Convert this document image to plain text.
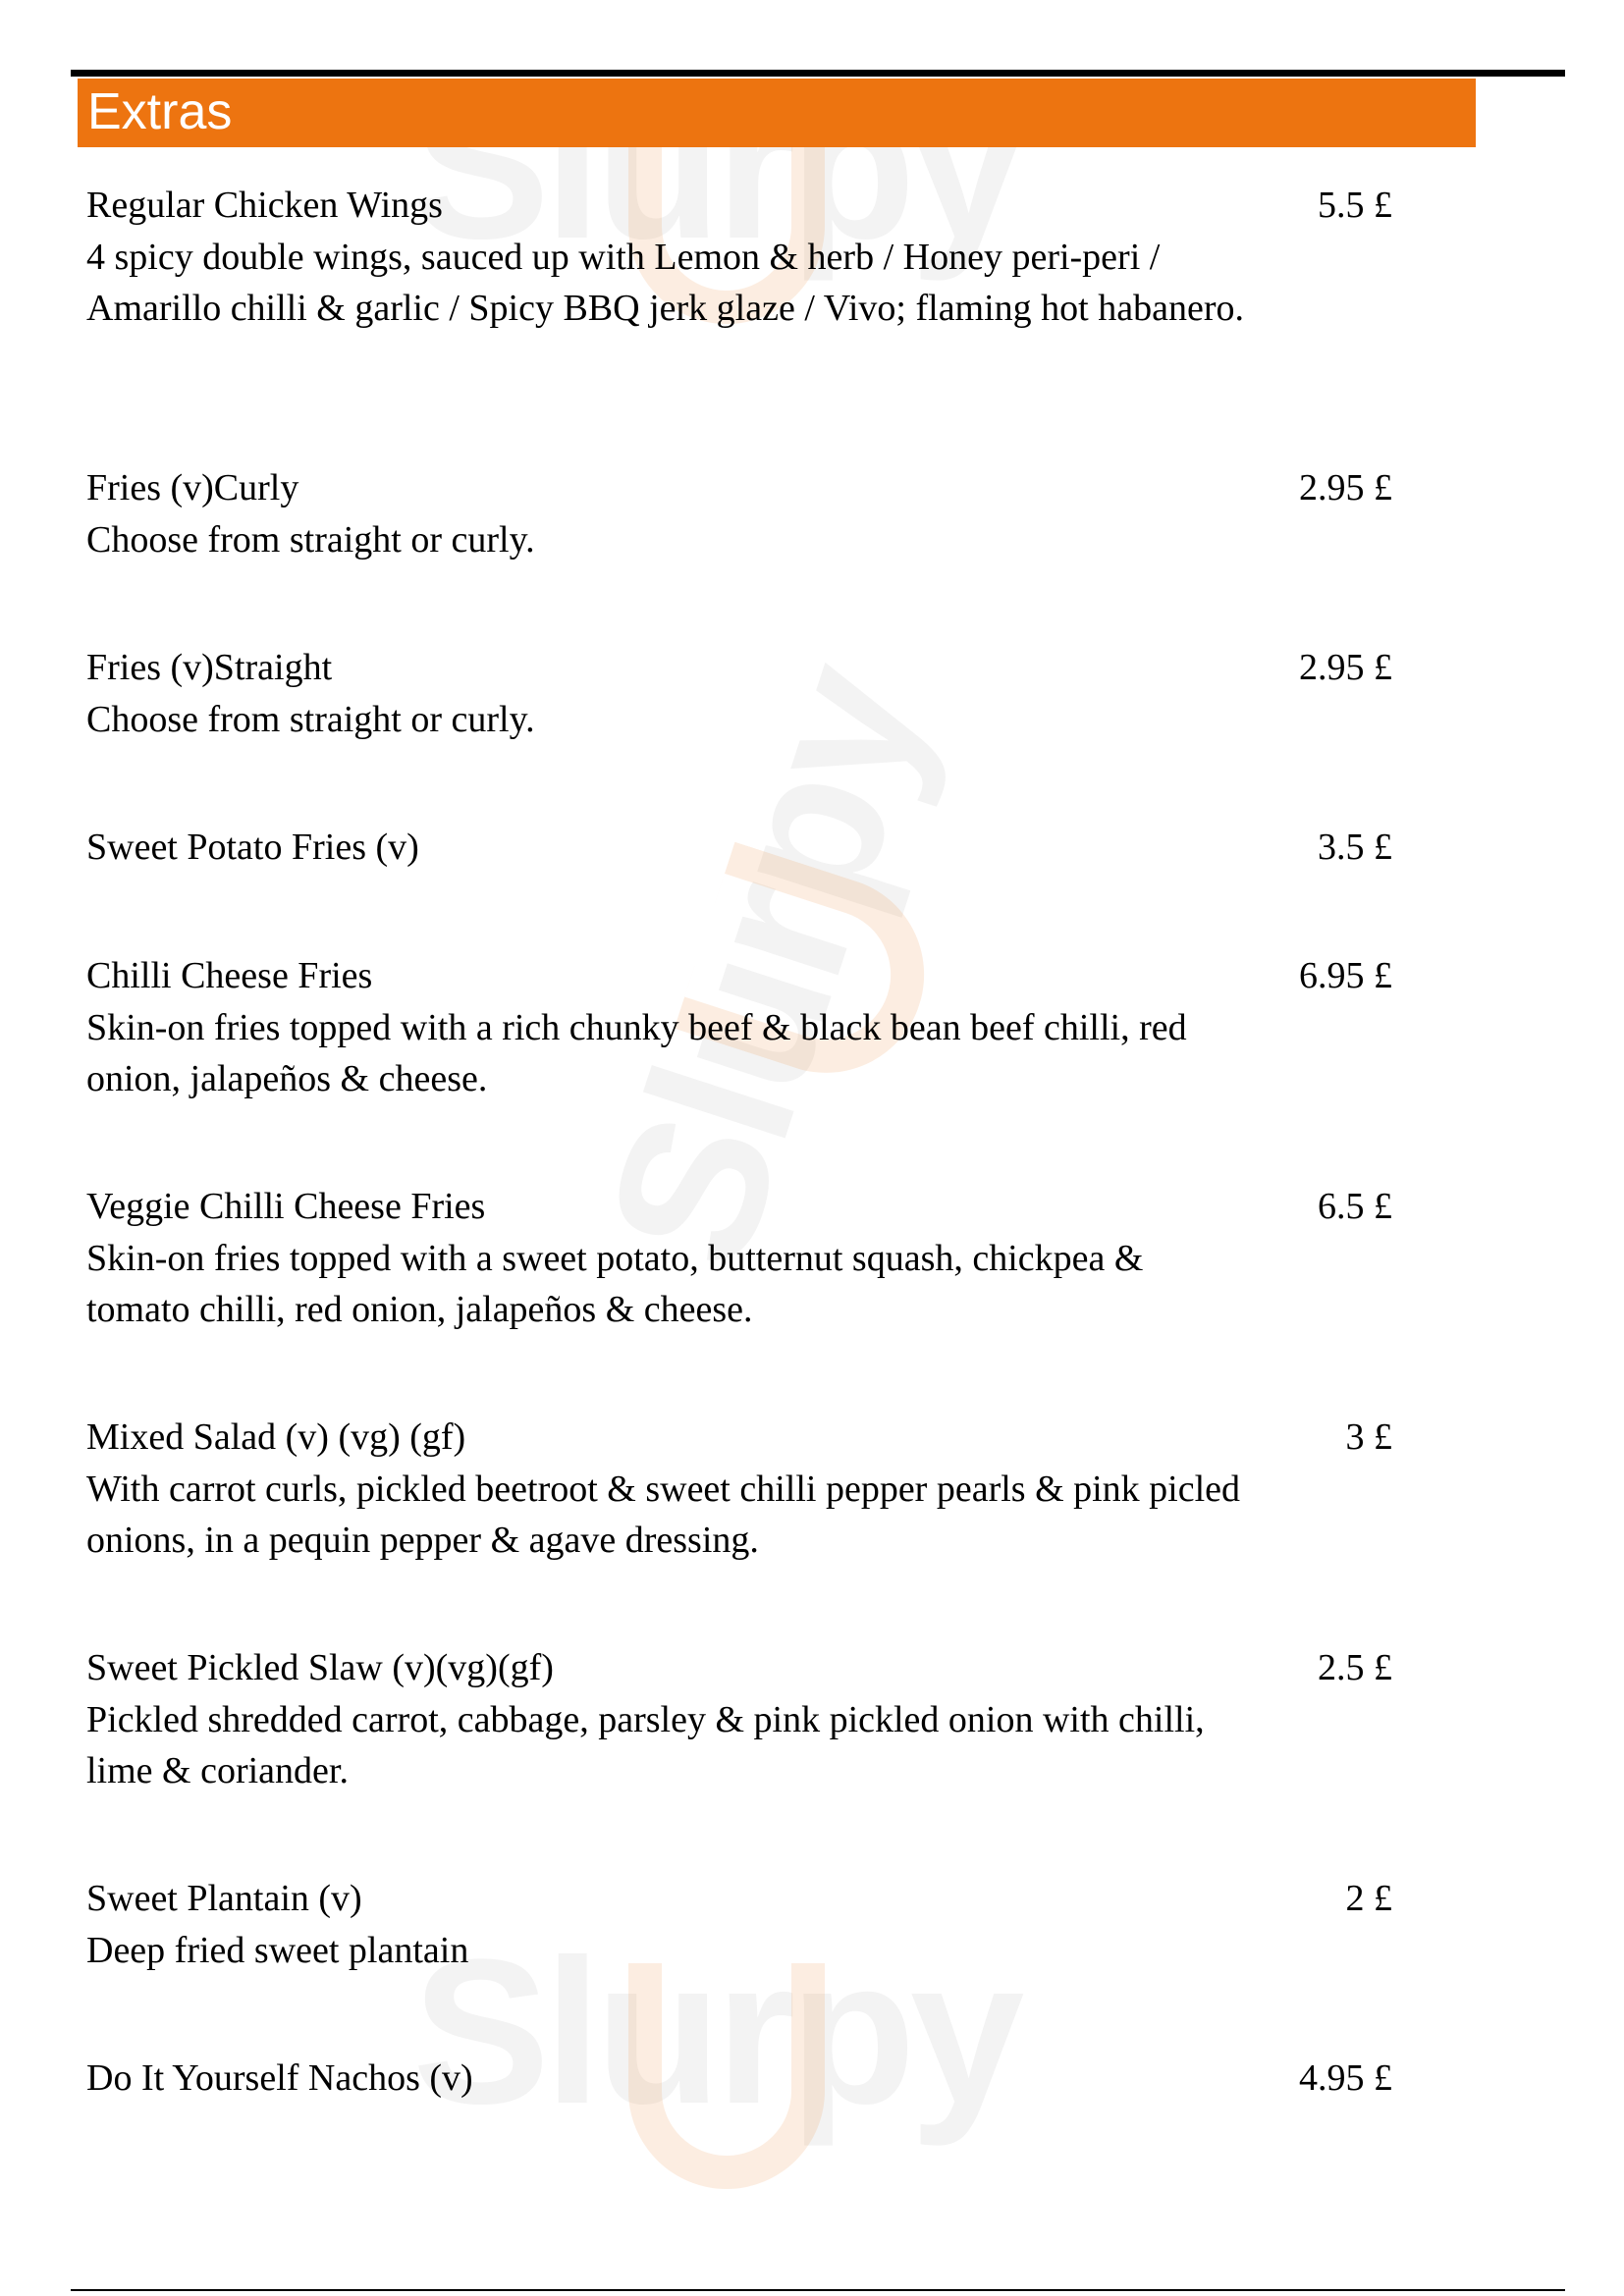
Extras
Regular Chicken Wings
4 spicy double wings, sauced up with Lemon & herb / Honey peri-peri / Amarillo chilli & garlic / Spicy BBQ jerk glaze / Vivo; flaming hot habanero.
5.5 £
Fries (v)Curly
Choose from straight or curly.
2.95 £
Fries (v)Straight
Choose from straight or curly.
2.95 £
Sweet Potato Fries (v)	3.5 £
Chilli Cheese Fries
Skin-on fries topped with a rich chunky beef & black bean beef chilli, red onion, jalapeños & cheese.
6.95 £
Veggie Chilli Cheese Fries
Skin-on fries topped with a sweet potato, butternut squash, chickpea & tomato chilli, red onion, jalapeños & cheese.
6.5 £
Mixed Salad (v) (vg) (gf)
With carrot curls, pickled beetroot & sweet chilli pepper pearls & pink picled onions, in a pequin pepper & agave dressing.
3 £
Sweet Pickled Slaw (v)(vg)(gf)
Pickled shredded carrot, cabbage, parsley & pink pickled onion with chilli, lime & coriander.
2.5 £
Sweet Plantain (v)
Deep fried sweet plantain
2 £
Do It Yourself Nachos (v)	4.95 £
